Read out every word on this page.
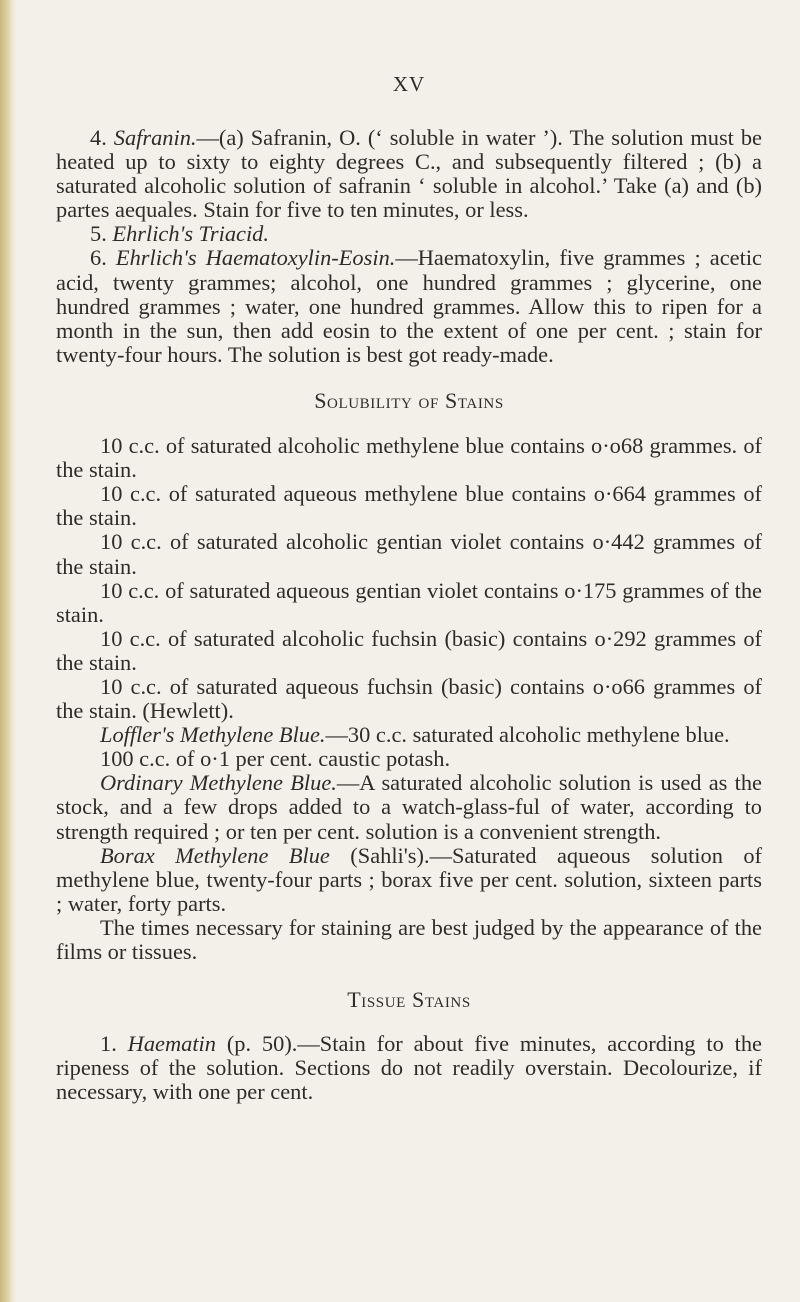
XV

4. Safranin.—(a) Safranin, O. (‘ soluble in water ’). The solution must be heated up to sixty to eighty degrees C., and subsequently filtered ; (b) a saturated alcoholic solution of safranin ‘ soluble in alcohol.’ Take (a) and (b) partes aequales. Stain for five to ten minutes, or less.

5. Ehrlich's Triacid.

6. Ehrlich's Haematoxylin-Eosin.—Haematoxylin, five grammes ; acetic acid, twenty grammes; alcohol, one hundred grammes ; glycerine, one hundred grammes ; water, one hundred grammes. Allow this to ripen for a month in the sun, then add eosin to the extent of one per cent. ; stain for twenty-four hours. The solution is best got ready-made.

Solubility of Stains

10 c.c. of saturated alcoholic methylene blue contains o·o68 grammes. of the stain.

10 c.c. of saturated aqueous methylene blue contains o·664 grammes of the stain.

10 c.c. of saturated alcoholic gentian violet contains o·442 grammes of the stain.

10 c.c. of saturated aqueous gentian violet contains o·175 grammes of the stain.

10 c.c. of saturated alcoholic fuchsin (basic) contains o·292 grammes of the stain.

10 c.c. of saturated aqueous fuchsin (basic) contains o·o66 grammes of the stain. (Hewlett).

Loffler's Methylene Blue.—30 c.c. saturated alcoholic methylene blue.

100 c.c. of o·1 per cent. caustic potash.

Ordinary Methylene Blue.—A saturated alcoholic solution is used as the stock, and a few drops added to a watch-glass-ful of water, according to strength required ; or ten per cent. solution is a convenient strength.

Borax Methylene Blue (Sahli's).—Saturated aqueous solution of methylene blue, twenty-four parts ; borax five per cent. solution, sixteen parts ; water, forty parts.

The times necessary for staining are best judged by the appearance of the films or tissues.

Tissue Stains

1. Haematin (p. 50).—Stain for about five minutes, according to the ripeness of the solution. Sections do not readily overstain. Decolourize, if necessary, with one per cent.
